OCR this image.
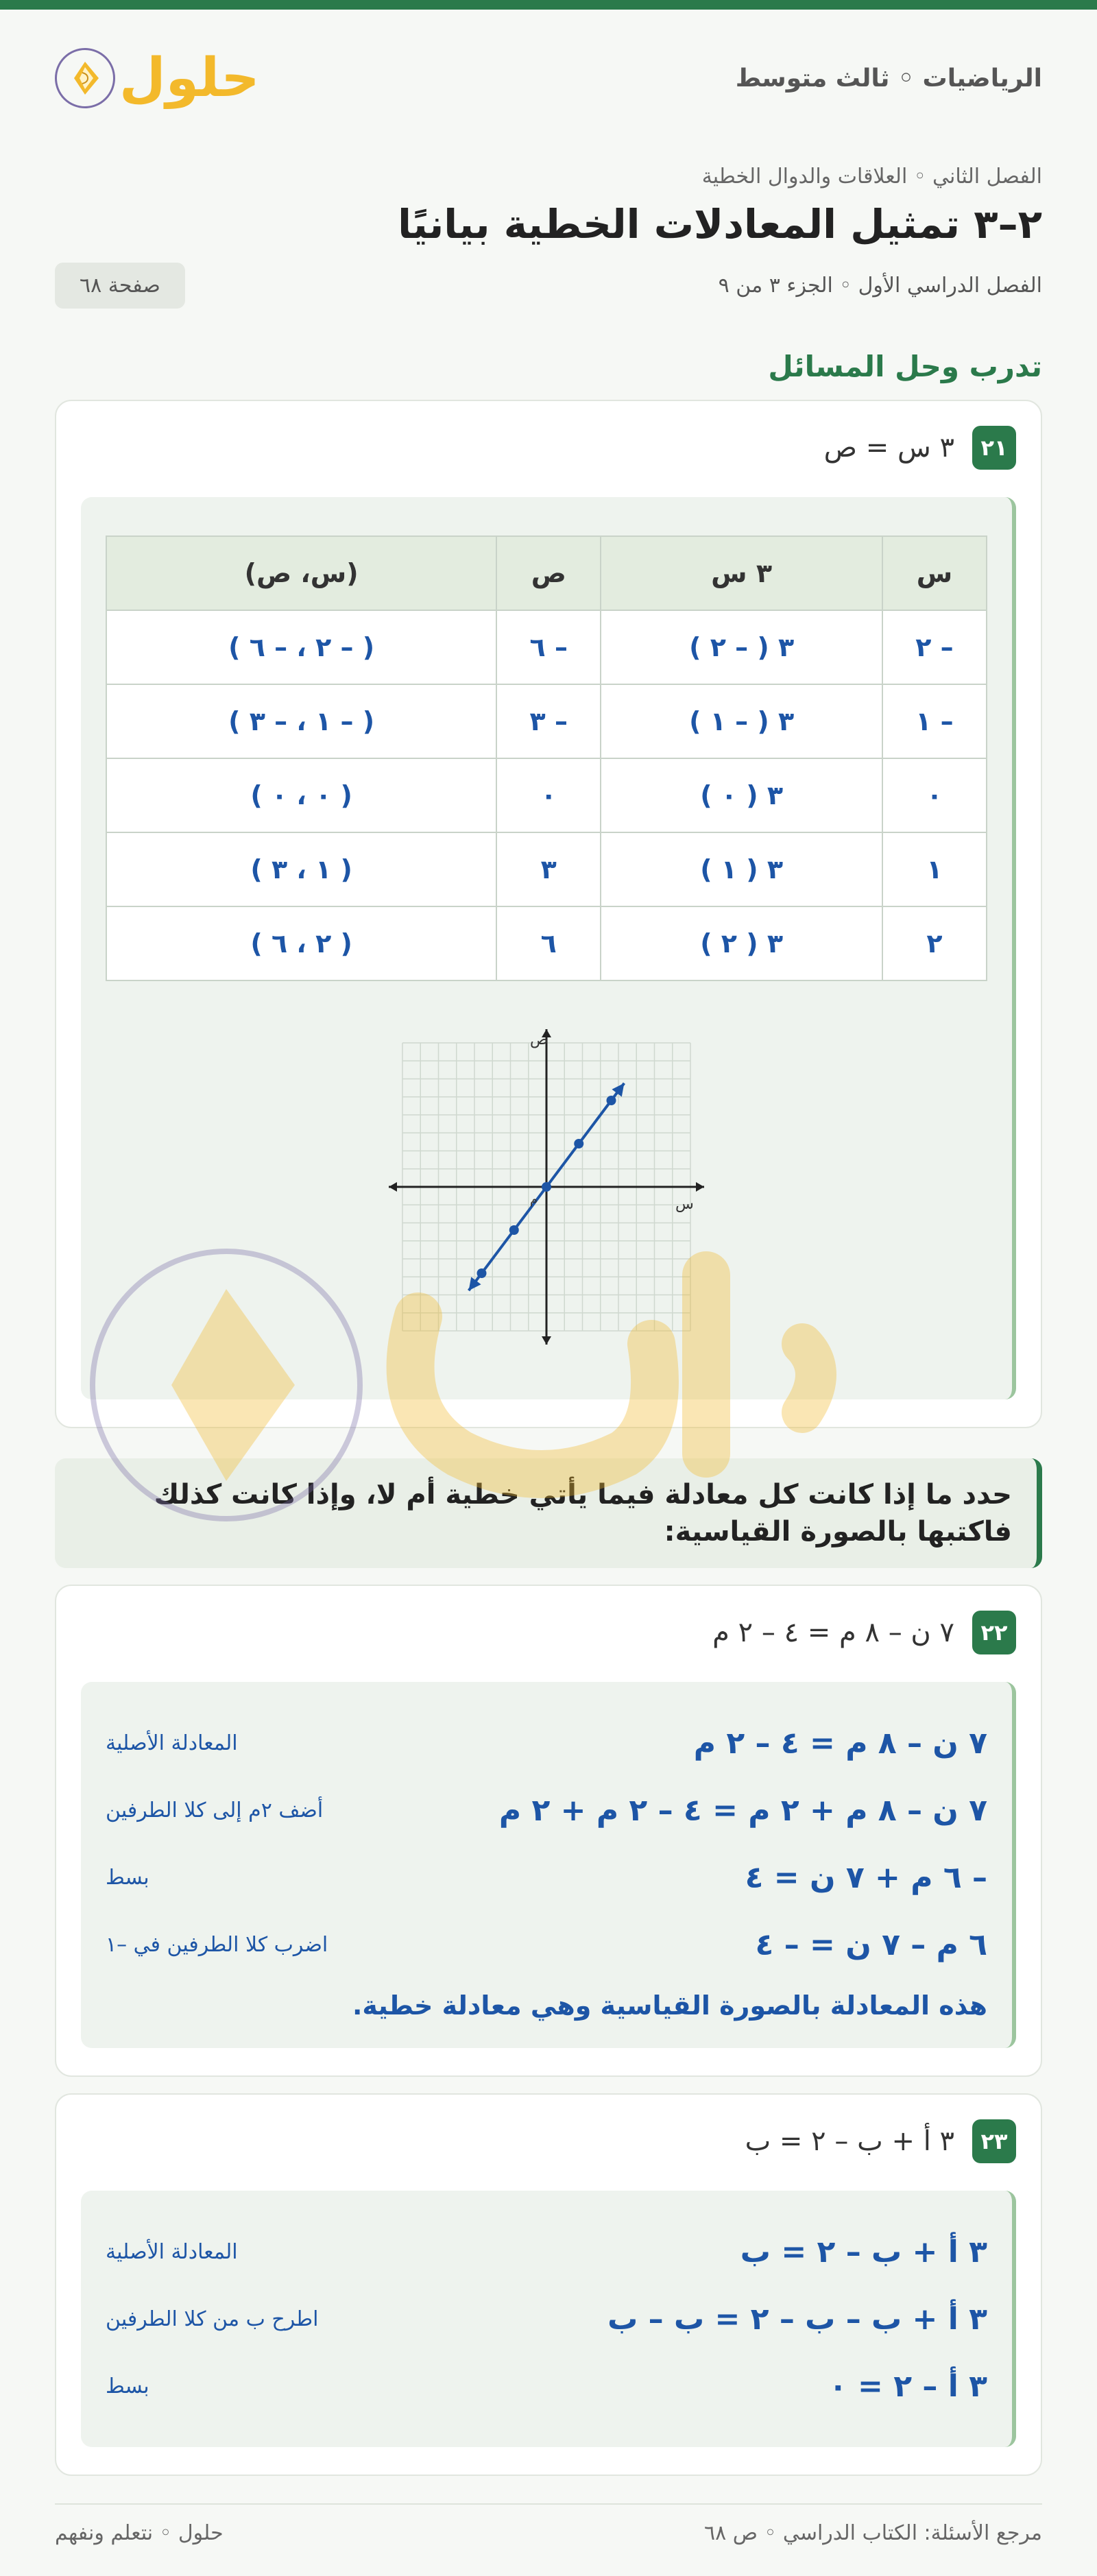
الرياضيات ◦ ثالث متوسط
حلول
الفصل الثاني ◦ العلاقات والدوال الخطية
٢–٣ تمثيل المعادلات الخطية بيانيًا
الفصل الدراسي الأول ◦ الجزء ٣ من ٩
صفحة ٦٨
تدرب وحل المسائل
٢١
٣ س = ص
س	٣ س	ص	(س، ص)
– ٢	٣ ( – ٢ )	– ٦	( – ٢ ، – ٦ )
– ١	٣ ( – ١ )	– ٣	( – ١ ، – ٣ )
٠	٣ ( ٠ )	٠	( ٠ ، ٠ )
١	٣ ( ١ )	٣	( ١ ، ٣ )
٢	٣ ( ٢ )	٦	( ٢ ، ٦ )
س
ص
م
حدد ما إذا كانت كل معادلة فيما يأتي خطية أم لا، وإذا كانت كذلك فاكتبها بالصورة القياسية:
٢٢
٧ ن – ٨ م = ٤ – ٢ م
٧ ن – ٨ م = ٤ – ٢ م
المعادلة الأصلية
٧ ن – ٨ م + ٢ م = ٤ – ٢ م + ٢ م
أضف ٢م إلى كلا الطرفين
– ٦ م + ٧ ن = ٤
بسط
٦ م – ٧ ن = – ٤
اضرب كلا الطرفين في –١
هذه المعادلة بالصورة القياسية وهي معادلة خطية.
٢٣
٣ أ + ب – ٢ = ب
٣ أ + ب – ٢ = ب
المعادلة الأصلية
٣ أ + ب – ب – ٢ = ب – ب
اطرح ب من كلا الطرفين
٣ أ – ٢ = ٠
بسط
مرجع الأسئلة: الكتاب الدراسي ◦ ص ٦٨
حلول ◦ نتعلم ونفهم
